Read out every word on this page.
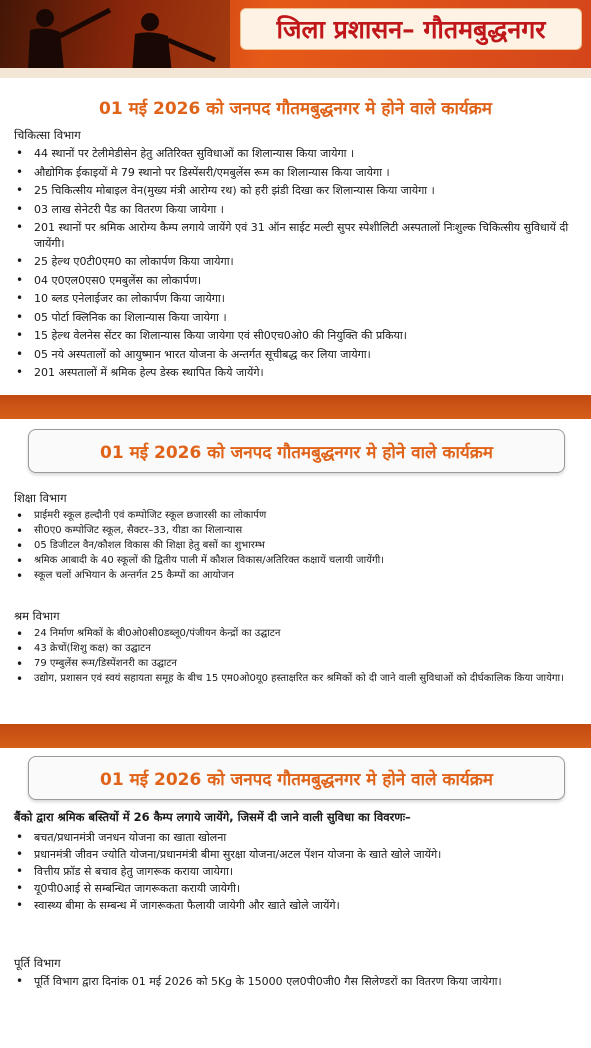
जिला प्रशासन– गौतमबुद्धनगर
01 मई 2026 को जनपद गौतमबुद्धनगर मे होने वाले कार्यक्रम
चिकित्सा विभाग
• 44 स्थानों पर टेलीमेडीसेन हेतु अतिरिक्त सुविधाओं का शिलान्यास किया जायेगा ।
• औद्योगिक ईकाइयों मे 79 स्थानो पर डिस्पेंसरी/एमबुलेंस रूम का शिलान्यास किया जायेगा ।
• 25 चिकित्सीय मोबाइल वेन(मुख्य मंत्री आरोग्य रथ) को हरी झंडी दिखा कर शिलान्यास किया जायेगा ।
• 03 लाख सेनेटरी पैड का वितरण किया जायेगा ।
• 201 स्थानों पर श्रमिक आरोग्य कैम्प लगाये जायेंगे एवं 31 ऑन साईट मल्टी सुपर स्पेशीलिटी अस्पतालों निःशुल्क चिकित्सीय सुविधायें दी जायेंगी।
• 25 हेल्थ ए0टी0एम0 का लोकार्पण किया जायेगा।
• 04 ए0एल0एस0 एमबुलेंस का लोकार्पण।
• 10 ब्लड एनेलाईजर का लोकार्पण किया जायेगा।
• 05 पोर्टा क्लिनिक का शिलान्यास किया जायेगा ।
• 15 हेल्थ वेलनेस सेंटर का शिलान्यास किया जायेगा एवं सी0एच0ओ0 की नियुक्ति की प्रकिया।
• 05 नये अस्पतालों को आयुष्मान भारत योजना के अन्तर्गत सूचीबद्ध कर लिया जायेगा।
• 201 अस्पतालों में श्रमिक हेल्प डेस्क स्थापित किये जायेंगे।
01 मई 2026 को जनपद गौतमबुद्धनगर मे होने वाले कार्यक्रम
शिक्षा विभाग
• प्राईमरी स्कूल हल्दौनी एवं कम्पोजिट स्कूल छजारसी का लोकार्पण
• सी0ए0 कम्पोजिट स्कूल, सैक्टर–33, यीडा का शिलान्यास
• 05 डिजीटल वैन/कौशल विकास की शिक्षा हेतु बसों का शुभारम्भ
• श्रमिक आबादी के 40 स्कूलों की द्वितीय पाली में कौशल विकास/अतिरिक्त कक्षायें चलायी जायेंगी।
• स्कूल चलों अभियान के अन्तर्गत 25 कैम्पों का आयोजन
श्रम विभाग
• 24 निर्माण श्रमिकों के बी0ओ0सी0डब्लू0/पंजीयन केन्द्रों का उद्घाटन
• 43 क्रेचों(शिशु कक्ष) का उद्घाटन
• 79 एम्बुलेंस रूम/डिस्पेंशनरी का उद्घाटन
• उद्योग, प्रशासन एवं स्वयं सहायता समूह के बीच 15 एम0ओ0यू0 हस्ताक्षरित कर श्रमिकों को दी जाने वाली सुविधाओं को दीर्घकालिक किया जायेगा।
01 मई 2026 को जनपद गौतमबुद्धनगर मे होने वाले कार्यक्रम
बैंको द्वारा श्रमिक बस्तियों में 26 कैम्प लगाये जायेंगे, जिसमें दी जाने वाली सुविधा का विवरणः–
• बचत/प्रधानमंत्री जनधन योजना का खाता खोलना
• प्रधानमंत्री जीवन ज्योति योजना/प्रधानमंत्री बीमा सुरक्षा योजना/अटल पेंशन योजना के खाते खोले जायेंगे।
• वित्तीय फ्रॉड से बचाव हेतु जागरूक कराया जायेगा।
• यू0पी0आई से सम्बन्धित जागरूकता करायी जायेगी।
• स्वास्थ्य बीमा के सम्बन्ध में जागरूकता फैलायी जायेगी और खाते खोले जायेंगे।
पूर्ति विभाग
• पूर्ति विभाग द्वारा दिनांक 01 मई 2026 को 5Kg के 15000 एल0पी0जी0 गैस सिलेण्डरों का वितरण किया जायेगा।
